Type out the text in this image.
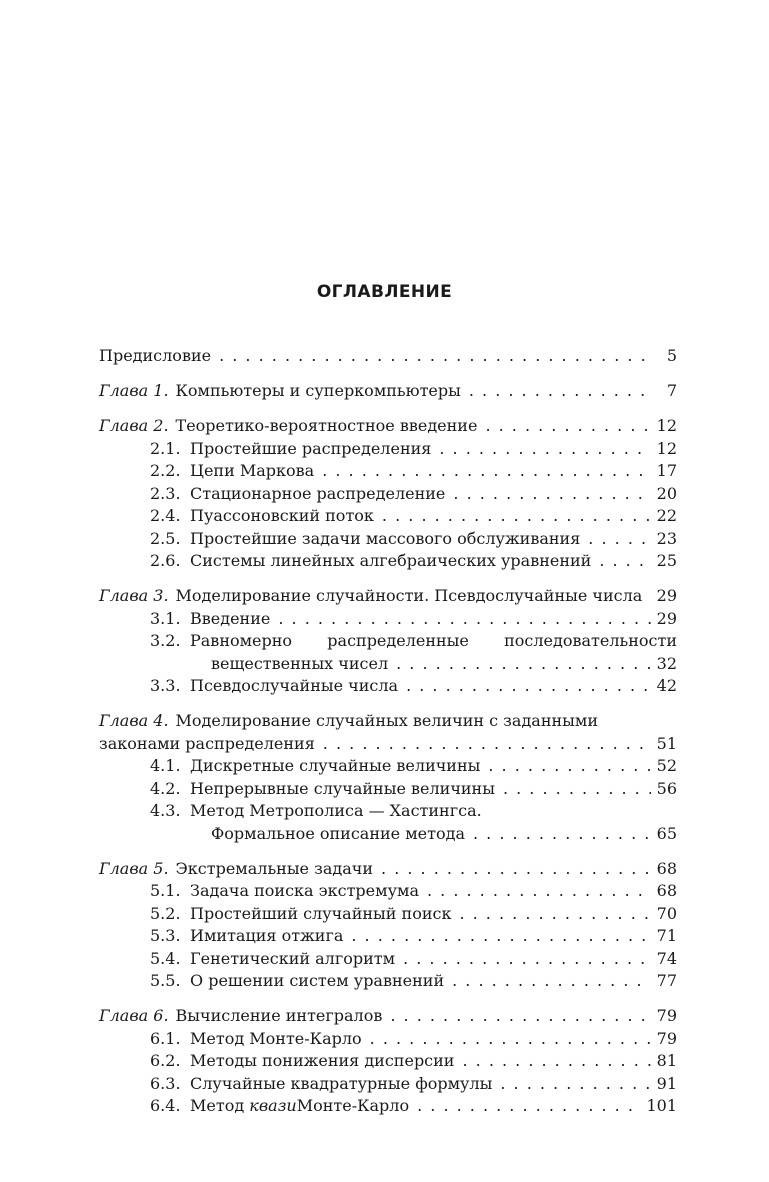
ОГЛАВЛЕНИЕ
Предисловие . . .	5
Глава 1. Компьютеры и суперкомпьютеры . . .	7
Глава 2. Теоретико-вероятностное введение . . .	12
2.1. Простейшие распределения . . .	12
2.2. Цепи Маркова . . .	17
2.3. Стационарное распределение . . .	20
2.4. Пуассоновский поток . . .	22
2.5. Простейшие задачи массового обслуживания . . .	23
2.6. Системы линейных алгебраических уравнений . . .	25
Глава 3. Моделирование случайности. Псевдослучайные числа 29
3.1. Введение . . .	29
3.2. Равномерно распределенные последовательности
вещественных чисел . . .	32
3.3. Псевдослучайные числа . . .	42
Глава 4. Моделирование случайных величин с заданными
законами распределения . . .	51
4.1. Дискретные случайные величины . . .	52
4.2. Непрерывные случайные величины . . .	56
4.3. Метод Метрополиса — Хастингса.
Формальное описание метода . . .	65
Глава 5. Экстремальные задачи . . .	68
5.1. Задача поиска экстремума . . .	68
5.2. Простейший случайный поиск . . .	70
5.3. Имитация отжига . . .	71
5.4. Генетический алгоритм . . .	74
5.5. О решении систем уравнений . . .	77
Глава 6. Вычисление интегралов . . .	79
6.1. Метод Монте-Карло . . .	79
6.2. Методы понижения дисперсии . . .	81
6.3. Случайные квадратурные формулы . . .	91
6.4. Метод квазиМонте-Карло . . .	101
